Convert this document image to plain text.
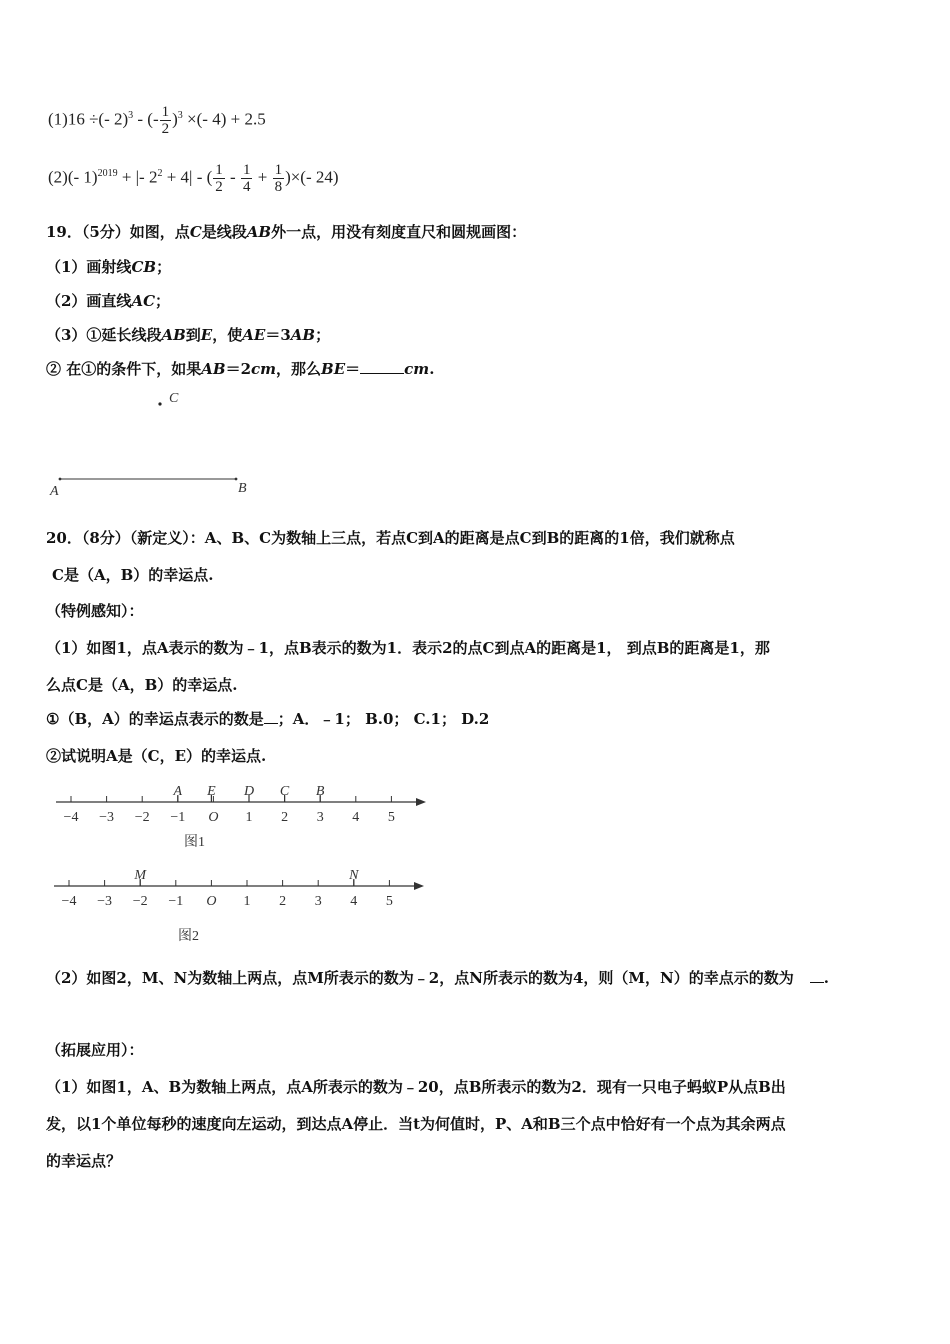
(1)16 ÷(- 2)$^3$ - (- $\frac{1}{2} )^3$ ×(- 4) + 2.5
(2)(- 1)$^{2019}$ + |- $2^2 + 4|$ - ( $\frac{1}{2} - \frac{1}{4} + \frac{1}{8}$ )×(- 24)
19．（5分）如图，点C是线段AB外一点，用没有刻度直尺和圆规画图：
（1）画射线CB；
（2）画直线AC；
（3）①延长线段AB到E，使AE＝3AB；
② 在①的条件下，如果AB＝2cm，那么BE＝	cm.
C
A	B
20．（8分）（新定义）：A、B、C为数轴上三点，若点C到A的距离是点C到B的距离的1倍，我们就称点
C是（A，B）的幸运点.
（特例感知）：
（1）如图1，点A表示的数为﹣1，点B表示的数为1．表示2的点C到点A的距离是1， 到点B的距离是1，那
么点C是（A，B）的幸运点.
①（B，A）的幸运点表示的数是 ；A．﹣1； B.0； C.1； D.2
②试说明A是（C，E）的幸运点.
−4 −3 −2 −1 O 1 2 3 4 5
A E D C B
图1
−4 −3 −2 −1 O 1 2 3 4 5
M	N
图2
（2）如图2，M、N为数轴上两点，点M所表示的数为﹣2，点N所表示的数为4，则（M，N）的幸点示的数为 .
（拓展应用）：
（1）如图1，A、B为数轴上两点，点A所表示的数为﹣20，点B所表示的数为2．现有一只电子蚂蚁P从点B出
发，以1个单位每秒的速度向左运动，到达点A停止．当t为何值时，P、A和B三个点中恰好有一个点为其余两点
的幸运点？
